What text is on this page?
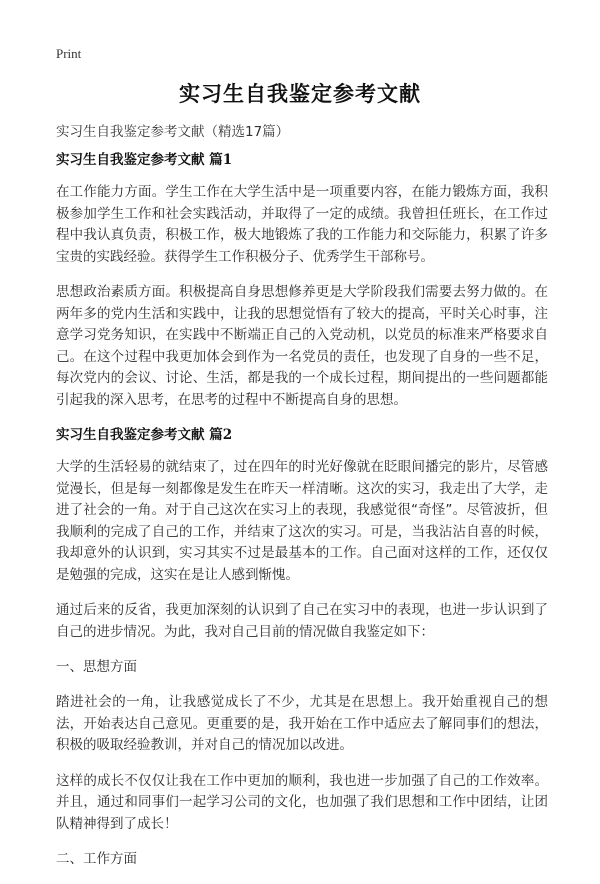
Print
实习生自我鉴定参考文献
实习生自我鉴定参考文献（精选17篇）
实习生自我鉴定参考文献 篇1

在工作能力方面。学生工作在大学生活中是一项重要内容，在能力锻炼方面，我积极参加学生工作和社会实践活动，并取得了一定的成绩。我曾担任班长，在工作过程中我认真负责，积极工作，极大地锻炼了我的工作能力和交际能力，积累了许多宝贵的实践经验。获得学生工作积极分子、优秀学生干部称号。

思想政治素质方面。积极提高自身思想修养更是大学阶段我们需要去努力做的。在两年多的党内生活和实践中，让我的思想觉悟有了较大的提高，平时关心时事，注意学习党务知识，在实践中不断端正自己的入党动机，以党员的标准来严格要求自己。在这个过程中我更加体会到作为一名党员的责任，也发现了自身的一些不足，每次党内的会议、讨论、生活，都是我的一个成长过程，期间提出的一些问题都能引起我的深入思考，在思考的过程中不断提高自身的思想。

实习生自我鉴定参考文献 篇2

大学的生活轻易的就结束了，过在四年的时光好像就在眨眼间播完的影片，尽管感觉漫长，但是每一刻都像是发生在昨天一样清晰。这次的实习，我走出了大学，走进了社会的一角。对于自己这次在实习上的表现，我感觉很“奇怪”。尽管波折，但我顺利的完成了自己的工作，并结束了这次的实习。可是，当我沾沾自喜的时候，我却意外的认识到，实习其实不过是最基本的工作。自己面对这样的工作，还仅仅是勉强的完成，这实在是让人感到惭愧。

通过后来的反省，我更加深刻的认识到了自己在实习中的表现，也进一步认识到了自己的进步情况。为此，我对自己目前的情况做自我鉴定如下：

一、思想方面

踏进社会的一角，让我感觉成长了不少，尤其是在思想上。我开始重视自己的想法，开始表达自己意见。更重要的是，我开始在工作中适应去了解同事们的想法，积极的吸取经验教训，并对自己的情况加以改进。

这样的成长不仅仅让我在工作中更加的顺利，我也进一步加强了自己的工作效率。并且，通过和同事们一起学习公司的文化，也加强了我们思想和工作中团结，让团队精神得到了成长！

二、工作方面
